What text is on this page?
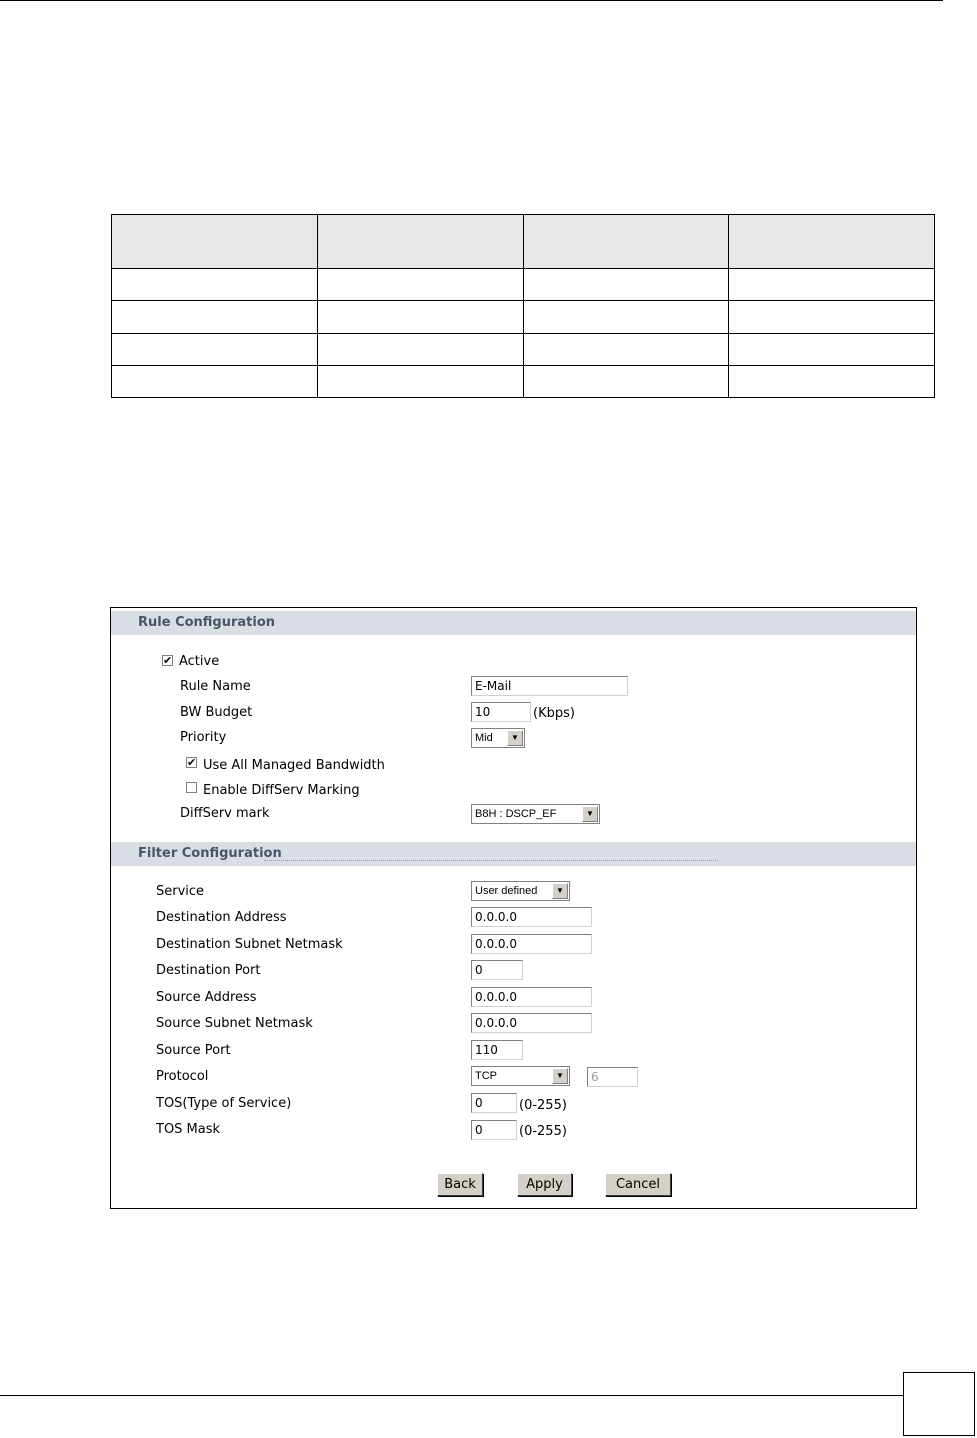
Rule Configuration
✔ Active
Rule Name	E-Mail
BW Budget	10	(Kbps)
Priority	Mid	▼
✔ Use All Managed Bandwidth
Enable DiffServ Marking
DiffServ mark	B8H : DSCP_EF	▼
Filter Configuration
Service	User defined	▼
Destination Address	0.0.0.0
Destination Subnet Netmask	0.0.0.0
Destination Port	0
Source Address	0.0.0.0
Source Subnet Netmask	0.0.0.0
Source Port	110
Protocol	TCP	▼	6
TOS(Type of Service)	0	(0-255)
TOS Mask	0	(0-255)
Back	Apply	Cancel
